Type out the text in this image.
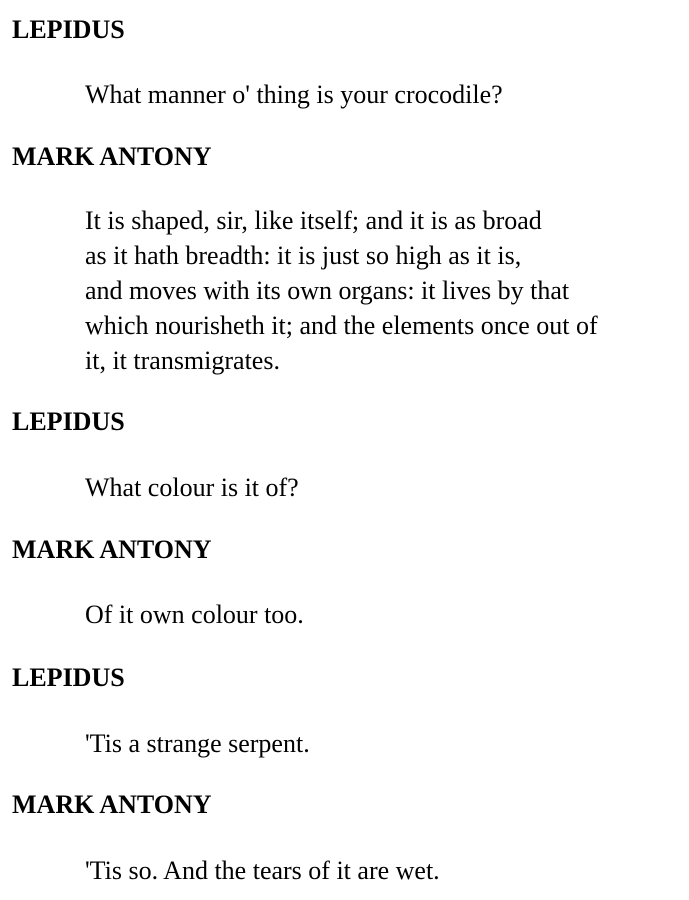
LEPIDUS
What manner o' thing is your crocodile?
MARK ANTONY
It is shaped, sir, like itself; and it is as broad
as it hath breadth: it is just so high as it is,
and moves with its own organs: it lives by that
which nourisheth it; and the elements once out of
it, it transmigrates.
LEPIDUS
What colour is it of?
MARK ANTONY
Of it own colour too.
LEPIDUS
'Tis a strange serpent.
MARK ANTONY
'Tis so. And the tears of it are wet.
